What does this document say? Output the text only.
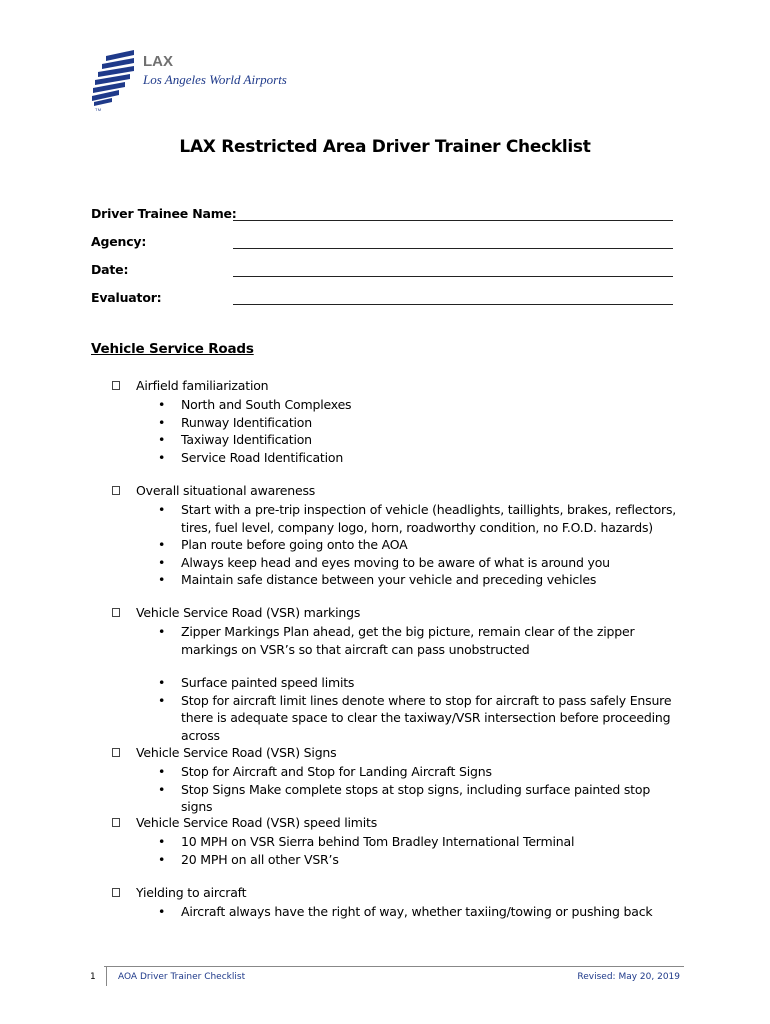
TM
LAX
Los Angeles World Airports
LAX Restricted Area Driver Trainer Checklist
Driver Trainee Name:
Agency:
Date:
Evaluator:
Vehicle Service Roads
Airfield familiarization
• North and South Complexes
• Runway Identification
• Taxiway Identification
• Service Road Identification
Overall situational awareness
• Start with a pre-trip inspection of vehicle (headlights, taillights, brakes, reflectors, tires, fuel level, company logo, horn, roadworthy condition, no F.O.D. hazards)
• Plan route before going onto the AOA
• Always keep head and eyes moving to be aware of what is around you
• Maintain safe distance between your vehicle and preceding vehicles
Vehicle Service Road (VSR) markings
• Zipper Markings Plan ahead, get the big picture, remain clear of the zipper markings on VSR’s so that aircraft can pass unobstructed
• Surface painted speed limits
• Stop for aircraft limit lines denote where to stop for aircraft to pass safely Ensure there is adequate space to clear the taxiway/VSR intersection before proceeding across
Vehicle Service Road (VSR) Signs
• Stop for Aircraft and Stop for Landing Aircraft Signs
• Stop Signs Make complete stops at stop signs, including surface painted stop signs
Vehicle Service Road (VSR) speed limits
• 10 MPH on VSR Sierra behind Tom Bradley International Terminal
• 20 MPH on all other VSR’s
Yielding to aircraft
• Aircraft always have the right of way, whether taxiing/towing or pushing back
1 AOA Driver Trainer Checklist	Revised: May 20, 2019
